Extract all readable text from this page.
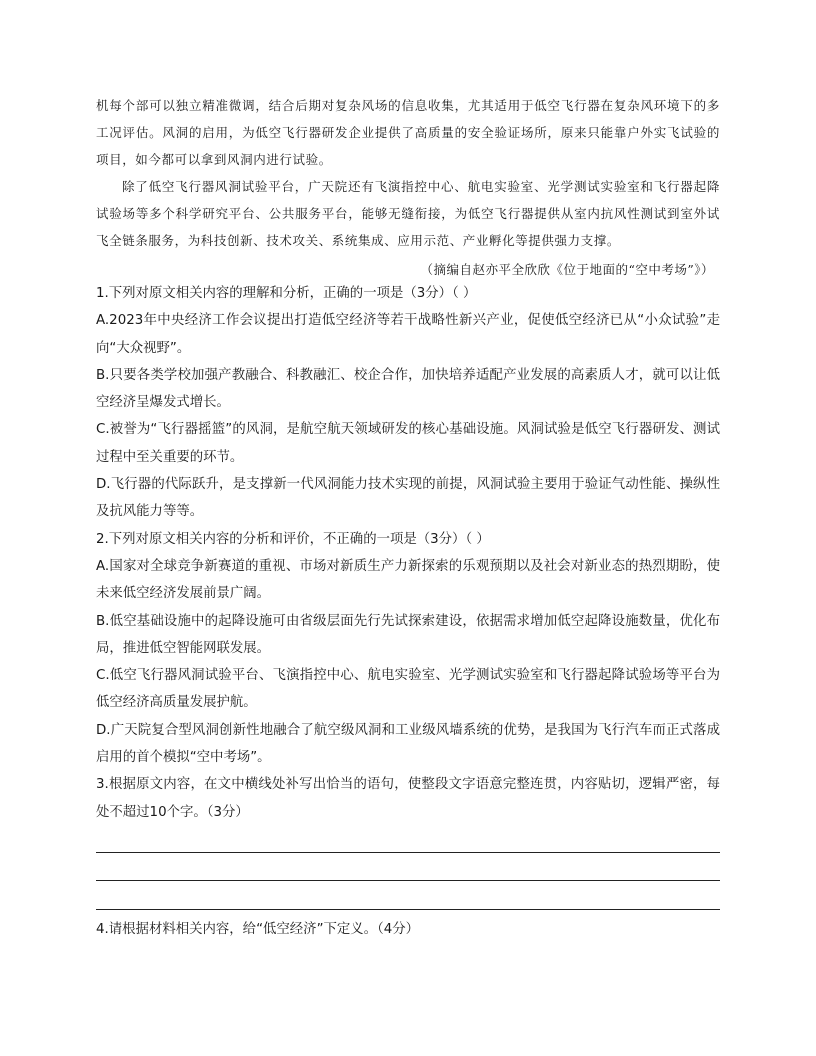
机每个部可以独立精准微调，结合后期对复杂风场的信息收集，尤其适用于低空飞行器在复杂风环境下的多工况评估。风洞的启用，为低空飞行器研发企业提供了高质量的安全验证场所，原来只能靠户外实飞试验的项目，如今都可以拿到风洞内进行试验。

除了低空飞行器风洞试验平台，广天院还有飞演指控中心、航电实验室、光学测试实验室和飞行器起降试验场等多个科学研究平台、公共服务平台，能够无缝衔接，为低空飞行器提供从室内抗风性测试到室外试飞全链条服务，为科技创新、技术攻关、系统集成、应用示范、产业孵化等提供强力支撑。

（摘编自赵亦平全欣欣《位于地面的“空中考场”》）

1.下列对原文相关内容的理解和分析，正确的一项是（3分）（ ）

A.2023年中央经济工作会议提出打造低空经济等若干战略性新兴产业，促使低空经济已从“小众试验”走向“大众视野”。

B.只要各类学校加强产教融合、科教融汇、校企合作，加快培养适配产业发展的高素质人才，就可以让低空经济呈爆发式增长。

C.被誉为“飞行器摇篮”的风洞，是航空航天领域研发的核心基础设施。风洞试验是低空飞行器研发、测试过程中至关重要的环节。

D.飞行器的代际跃升，是支撑新一代风洞能力技术实现的前提，风洞试验主要用于验证气动性能、操纵性及抗风能力等等。

2.下列对原文相关内容的分析和评价，不正确的一项是（3分）（ ）

A.国家对全球竞争新赛道的重视、市场对新质生产力新探索的乐观预期以及社会对新业态的热烈期盼，使未来低空经济发展前景广阔。

B.低空基础设施中的起降设施可由省级层面先行先试探索建设，依据需求增加低空起降设施数量，优化布局，推进低空智能网联发展。

C.低空飞行器风洞试验平台、飞演指控中心、航电实验室、光学测试实验室和飞行器起降试验场等平台为低空经济高质量发展护航。

D.广天院复合型风洞创新性地融合了航空级风洞和工业级风墙系统的优势，是我国为飞行汽车而正式落成启用的首个模拟“空中考场”。

3.根据原文内容，在文中横线处补写出恰当的语句，使整段文字语意完整连贯，内容贴切，逻辑严密，每处不超过10个字。（3分）

4.请根据材料相关内容，给“低空经济”下定义。（4分）
